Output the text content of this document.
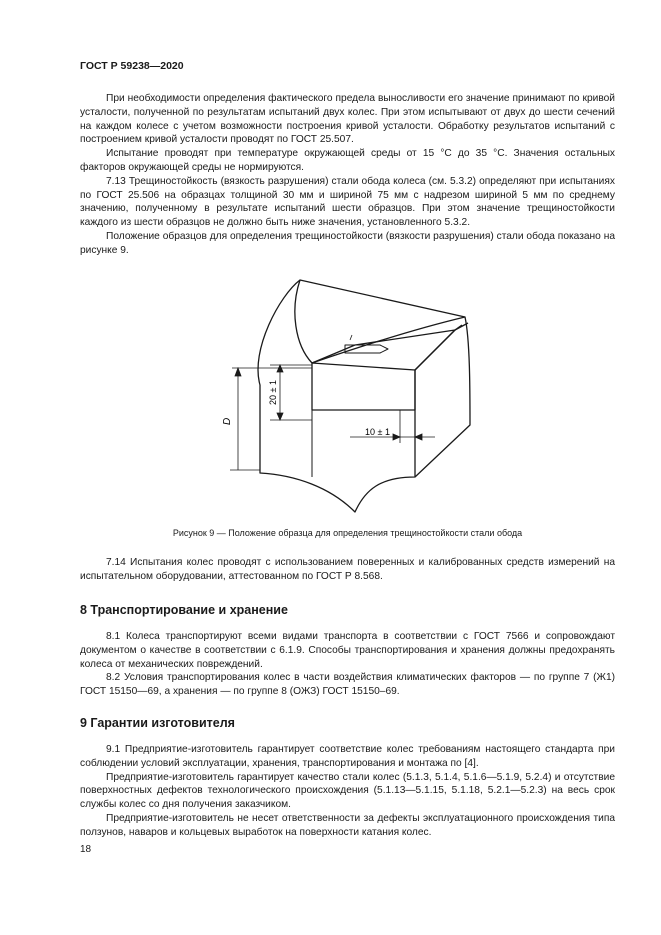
ГОСТ Р 59238—2020

При необходимости определения фактического предела выносливости его значение принимают по кривой усталости, полученной по результатам испытаний двух колес. При этом испытывают от двух до шести сечений на каждом колесе с учетом возможности построения кривой усталости. Обработку результатов испытаний с построением кривой усталости проводят по ГОСТ 25.507.

Испытание проводят при температуре окружающей среды от 15 °С до 35 °С. Значения остальных факторов окружающей среды не нормируются.

7.13 Трещиностойкость (вязкость разрушения) стали обода колеса (см. 5.3.2) определяют при испытаниях по ГОСТ 25.506 на образцах толщиной 30 мм и шириной 75 мм с надрезом шириной 5 мм по среднему значению, полученному в результате испытаний шести образцов. При этом значение трещиностойкости каждого из шести образцов не должно быть ниже значения, установленного 5.3.2.

Положение образцов для определения трещиностойкости (вязкости разрушения) стали обода показано на рисунке 9.

D
20 ± 1
10 ± 1
Рисунок 9 — Положение образца для определения трещиностойкости стали обода

7.14 Испытания колес проводят с использованием поверенных и калиброванных средств измерений на испытательном оборудовании, аттестованном по ГОСТ Р 8.568.

8 Транспортирование и хранение

8.1 Колеса транспортируют всеми видами транспорта в соответствии с ГОСТ 7566 и сопровождают документом о качестве в соответствии с 6.1.9. Способы транспортирования и хранения должны предохранять колеса от механических повреждений.

8.2 Условия транспортирования колес в части воздействия климатических факторов — по группе 7 (Ж1) ГОСТ 15150—69, а хранения — по группе 8 (ОЖЗ) ГОСТ 15150–69.

9 Гарантии изготовителя

9.1 Предприятие-изготовитель гарантирует соответствие колес требованиям настоящего стандарта при соблюдении условий эксплуатации, хранения, транспортирования и монтажа по [4].

Предприятие-изготовитель гарантирует качество стали колес (5.1.3, 5.1.4, 5.1.6—5.1.9, 5.2.4) и отсутствие поверхностных дефектов технологического происхождения (5.1.13—5.1.15, 5.1.18, 5.2.1—5.2.3) на весь срок службы колес со дня получения заказчиком.

Предприятие-изготовитель не несет ответственности за дефекты эксплуатационного происхождения типа ползунов, наваров и кольцевых выработок на поверхности катания колес.

18
